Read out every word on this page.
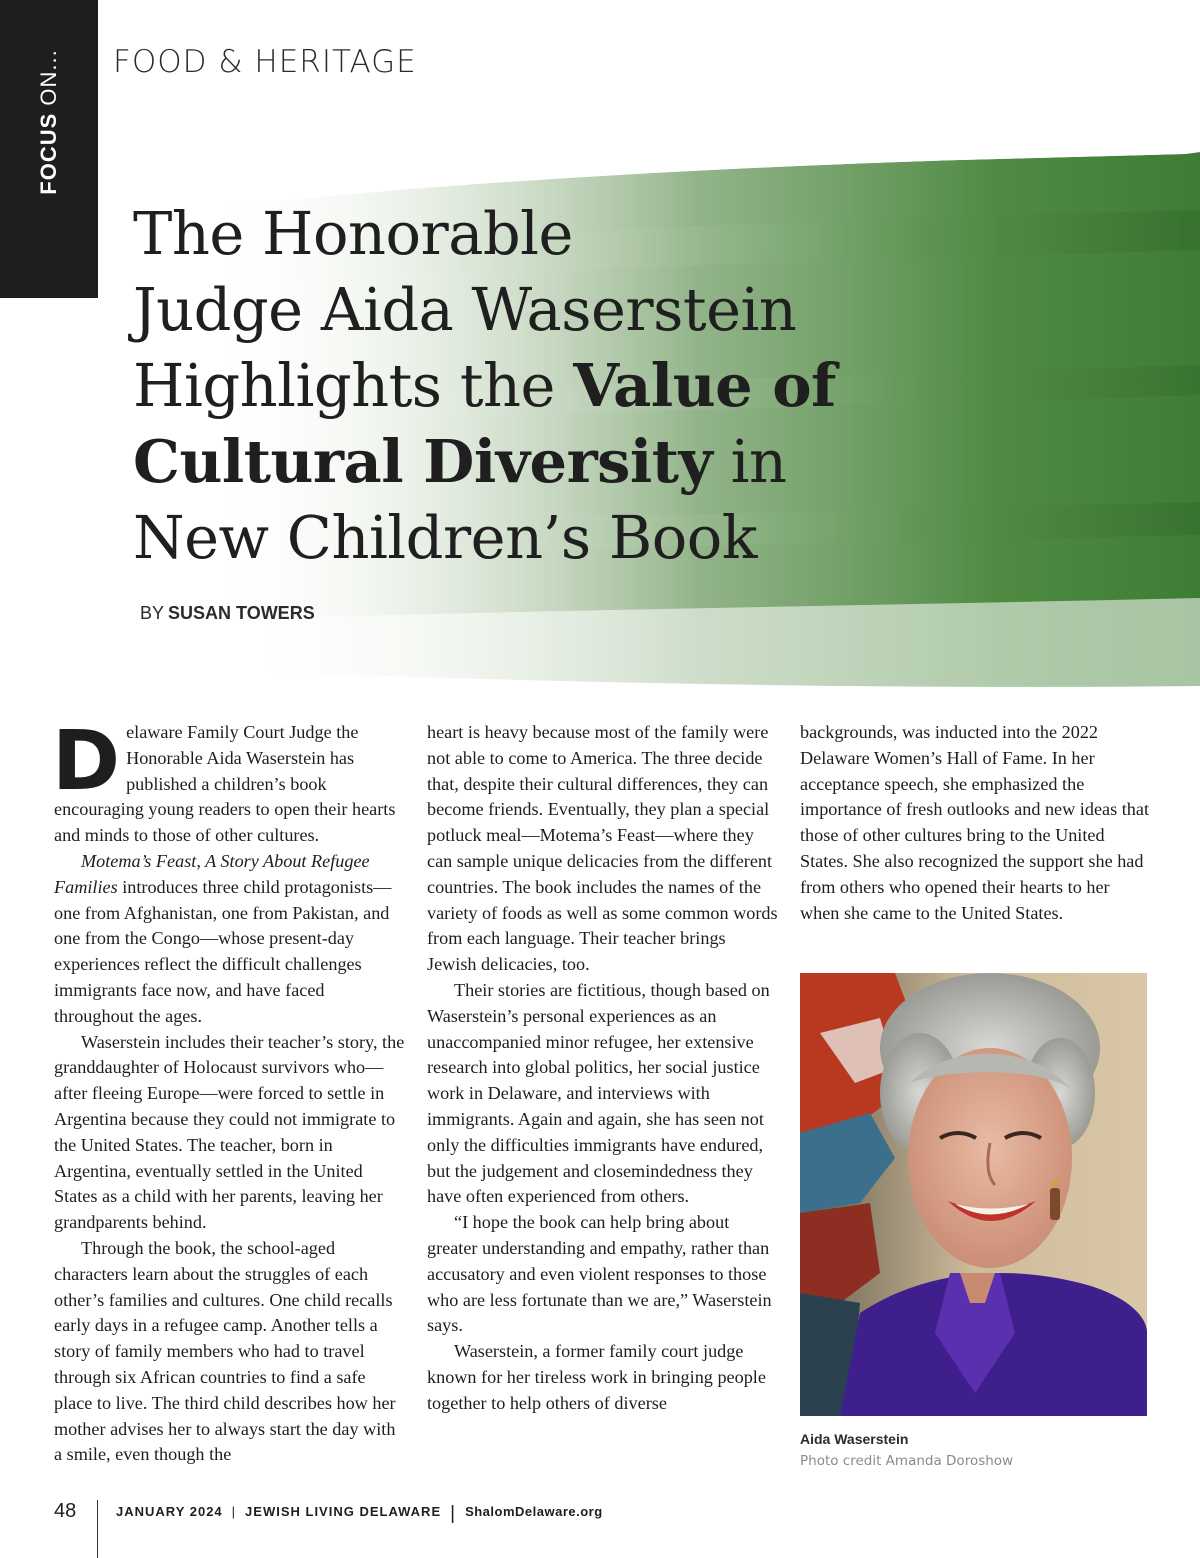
FOCUS ON... FOOD & HERITAGE
The Honorable
Judge Aida Waserstein
Highlights the Value of
Cultural Diversity in
New Children’s Book
BY SUSAN TOWERS

Delaware Family Court Judge the Honorable Aida Waserstein has published a children’s book encouraging young readers to open their hearts and minds to those of other cultures.

Motema’s Feast, A Story About Refugee Families introduces three child protagonists—one from Afghanistan, one from Pakistan, and one from the Congo—whose present-day experiences reflect the difficult challenges immigrants face now, and have faced throughout the ages.

Waserstein includes their teacher’s story, the granddaughter of Holocaust survivors who—after fleeing Europe—were forced to settle in Argentina because they could not immigrate to the United States. The teacher, born in Argentina, eventually settled in the United States as a child with her parents, leaving her grandparents behind.

Through the book, the school-aged characters learn about the struggles of each other’s families and cultures. One child recalls early days in a refugee camp. Another tells a story of family members who had to travel through six African countries to find a safe place to live. The third child describes how her mother advises her to always start the day with a smile, even though the

heart is heavy because most of the family were not able to come to America. The three decide that, despite their cultural differences, they can become friends. Eventually, they plan a special potluck meal—Motema’s Feast—where they can sample unique delicacies from the different countries. The book includes the names of the variety of foods as well as some common words from each language. Their teacher brings Jewish delicacies, too.

Their stories are fictitious, though based on Waserstein’s personal experiences as an unaccompanied minor refugee, her extensive research into global politics, her social justice work in Delaware, and interviews with immigrants. Again and again, she has seen not only the difficulties immigrants have endured, but the judgement and closemindedness they have often experienced from others.

“I hope the book can help bring about greater understanding and empathy, rather than accusatory and even violent responses to those who are less fortunate than we are,” Waserstein says.

Waserstein, a former family court judge known for her tireless work in bringing people together to help others of diverse

backgrounds, was inducted into the 2022 Delaware Women’s Hall of Fame. In her acceptance speech, she emphasized the importance of fresh outlooks and new ideas that those of other cultures bring to the United States. She also recognized the support she had from others who opened their hearts to her when she came to the United States.

Aida Waserstein
Photo credit Amanda Doroshow
48	JANUARY 2024 | JEWISH LIVING DELAWARE | ShalomDelaware.org
